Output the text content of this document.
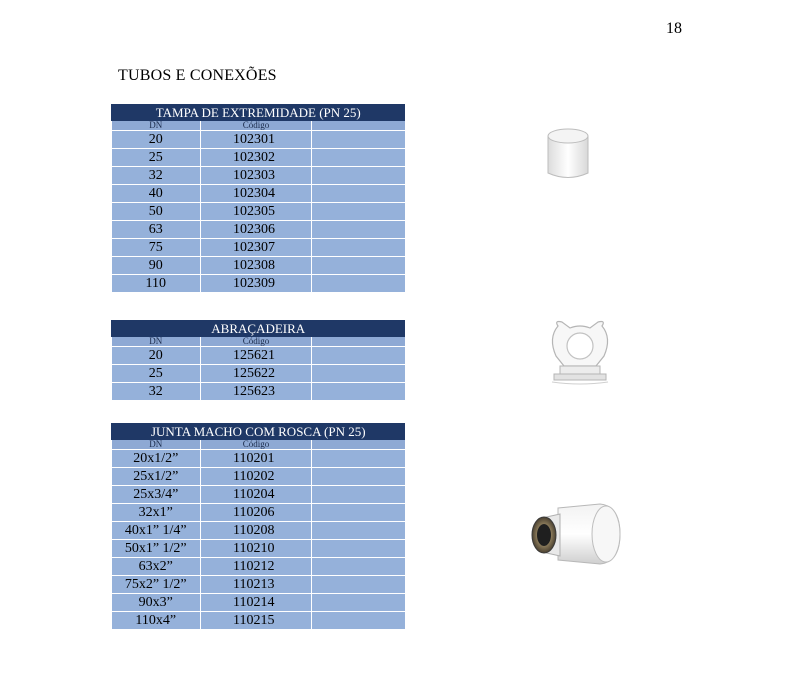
18
TUBOS E CONEXÕES
TAMPA DE EXTREMIDADE (PN 25)		
DN	Código	
20	102301	
25	102302	
32	102303	
40	102304	
50	102305	
63	102306	
75	102307	
90	102308	
110	102309	
ABRAÇADEIRA		
DN	Código	
20	125621	
25	125622	
32	125623	
JUNTA MACHO COM ROSCA (PN 25)		
DN	Código	
20x1/2”	110201	
25x1/2”	110202	
25x3/4”	110204	
32x1”	110206	
40x1” 1/4”	110208	
50x1” 1/2”	110210	
63x2”	110212	
75x2” 1/2”	110213	
90x3”	110214	
110x4”	110215	
